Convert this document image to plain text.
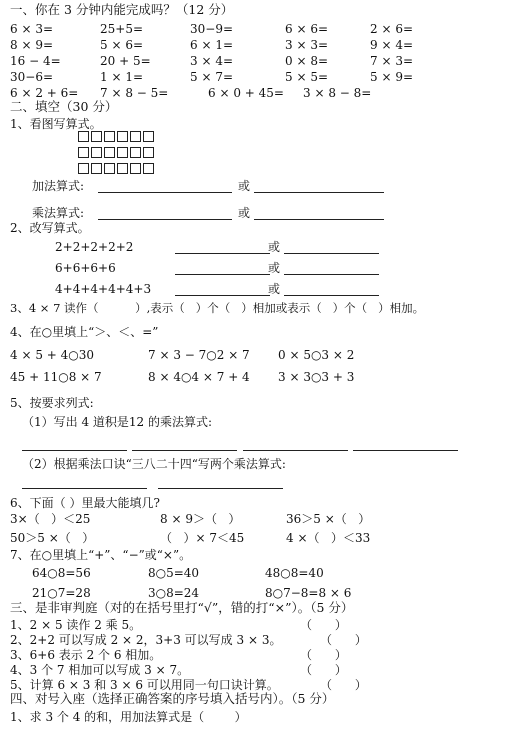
一、你在 3 分钟内能完成吗？（12 分）
二、填空（30 分）
1、看图写算式。
加法算式:	或
乘法算式:	或
2、改写算式。
3、4 × 7 读作（          ）,表示（   ）个（   ）相加或表示（   ）个（   ）相加。
4、在○里填上“＞、＜、=”
5、按要求列式:
（1）写出 4 道积是12 的乘法算式:
（2）根据乘法口诀“三八二十四“写两个乘法算式:
6、下面（ ）里最大能填几?
7、在○里填上“+”、“−”或“×”。
三、是非审判庭（对的在括号里打“√”，错的打“×”）。（5 分）
四、对号入座（选择正确答案的序号填入括号内）。（5 分）
1、求 3 个 4 的和，用加法算式是（        ）
6 × 3=	25+5=	30−9=	6 × 6=	2 × 6=
8 × 9=	5 × 6=	6 × 1=	3 × 3=	9 × 4=
16 − 4=	20 + 5=	3 × 4=	0 × 8=	7 × 3=
30−6=	1 × 1=	5 × 7=	5 × 5=	5 × 9=
6 × 2 + 6= 7 × 8 − 5=	6 × 0 + 45= 3 × 8 − 8=
2+2+2+2+2	或
6+6+6+6	或
4+4+4+4+4+3	或
4 × 5 + 4○30	7 × 3 − 7○2 × 7 0 × 5○3 × 2
45 + 11○8 × 7	8 × 4○4 × 7 + 4 3 × 3○3 + 3
3×（   ）＜25	8 × 9＞（   ）	36＞5 ×（   ）
50＞5 ×（   ）	（   ）× 7＜45	4 ×（   ）＜33
64○8=56	8○5=40	48○8=40
21○7=28	3○8=24	8○7−8=8 × 6
1、2 × 5 读作 2 乘 5。	（      ）
2、2+2 可以写成 2 × 2，3+3 可以写成 3 × 3。	（      ）
3、6+6 表示 2 个 6 相加。	（      ）
4、3 个 7 相加可以写成 3 × 7。	（      ）
5、计算 6 × 3 和 3 × 6 可以用同一句口诀计算。	（      ）
